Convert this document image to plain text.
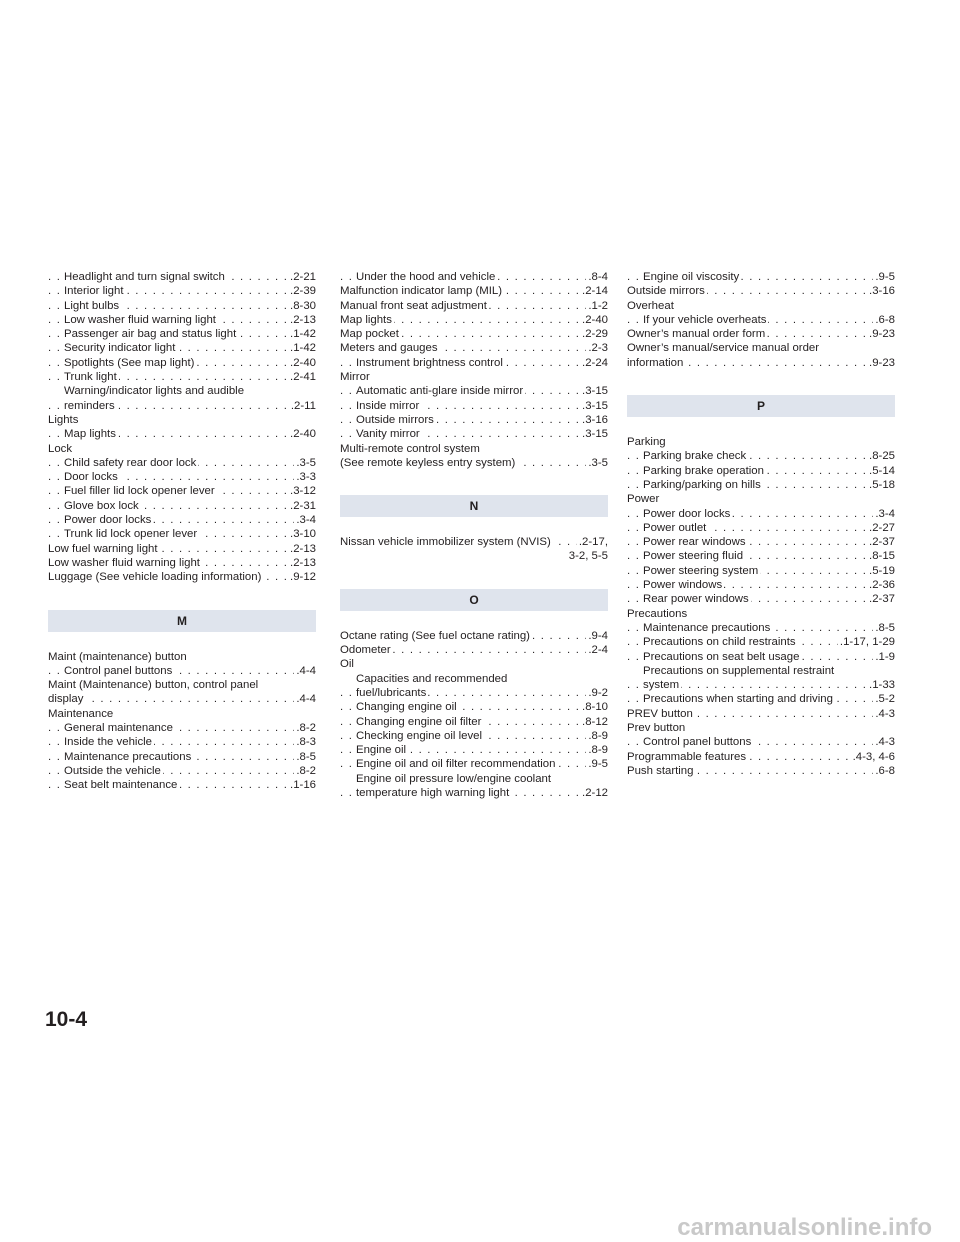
Headlight and turn signal switch	.2-21
. . .
Interior light	.2-39
. . .
Light bulbs	.8-30
. . .
Low washer fluid warning light	.2-13
. . .
Passenger air bag and status light	.1-42
. . .
Security indicator light	.1-42
. . .
Spotlights (See map light)	.2-40
. . .
Trunk light	.2-41
. . .
Warning/indicator lights and audible
reminders	.2-11
. . .
Lights
Map lights	.2-40
. . .
Lock
Child safety rear door lock	.3-5
. . .
Door locks	.3-3
. . .
Fuel filler lid lock opener lever	.3-12
. . .
Glove box lock	.2-31
. . .
Power door locks	.3-4
. . .
Trunk lid lock opener lever	.3-10
. . .
Low fuel warning light	.2-13
. . .
Low washer fluid warning light	.2-13
. . .
Luggage (See vehicle loading information)	.9-12
. . .
M
Maint (maintenance) button
Control panel buttons	.4-4
. . .
Maint (Maintenance) button, control panel
display	.4-4
. . .
Maintenance
General maintenance	.8-2
. . .
Inside the vehicle	.8-3
. . .
Maintenance precautions	.8-5
. . .
Outside the vehicle	.8-2
. . .
Seat belt maintenance	.1-16
. . .
Under the hood and vehicle	.8-4
. . .
Malfunction indicator lamp (MIL)	.2-14
. . .
Manual front seat adjustment	.1-2
. . .
Map lights	.2-40
. . .
Map pocket	.2-29
. . .
Meters and gauges	.2-3
. . .
Instrument brightness control	.2-24
. . .
Mirror
Automatic anti-glare inside mirror	.3-15
. . .
Inside mirror	.3-15
. . .
Outside mirrors	.3-16
. . .
Vanity mirror	.3-15
. . .
Multi-remote control system
(See remote keyless entry system)	.3-5
. . .
N
Nissan vehicle immobilizer system (NVIS) .2-17,
. . .
3-2, 5-5
O
Octane rating (See fuel octane rating)	.9-4
. . .
Odometer	.2-4
. . .
Oil
Capacities and recommended
fuel/lubricants	.9-2
. . .
Changing engine oil	.8-10
. . .
Changing engine oil filter	.8-12
. . .
Checking engine oil level	.8-9
. . .
Engine oil	.8-9
. . .
Engine oil and oil filter recommendation	.9-5
. . .
Engine oil pressure low/engine coolant
temperature high warning light	.2-12
. . .
Engine oil viscosity	.9-5
. . .
Outside mirrors	.3-16
. . .
Overheat
If your vehicle overheats	.6-8
. . .
Owner’s manual order form	.9-23
. . .
Owner’s manual/service manual order
information	.9-23
. . .
P
Parking
Parking brake check	.8-25
. . .
Parking brake operation	.5-14
. . .
Parking/parking on hills	.5-18
. . .
Power
Power door locks	.3-4
. . .
Power outlet	.2-27
. . .
Power rear windows	.2-37
. . .
Power steering fluid	.8-15
. . .
Power steering system	.5-19
. . .
Power windows	.2-36
. . .
Rear power windows	.2-37
. . .
Precautions
Maintenance precautions	.8-5
. . .
Precautions on child restraints	.1-17, 1-29
. . .
Precautions on seat belt usage	.1-9
. . .
Precautions on supplemental restraint
system	.1-33
. . .
Precautions when starting and driving	.5-2
. . .
PREV button	.4-3
. . .
Prev button
Control panel buttons	.4-3
. . .
Programmable features	.4-3, 4-6
. . .
Push starting	.6-8
. . .
10-4
carmanualsonline.info
